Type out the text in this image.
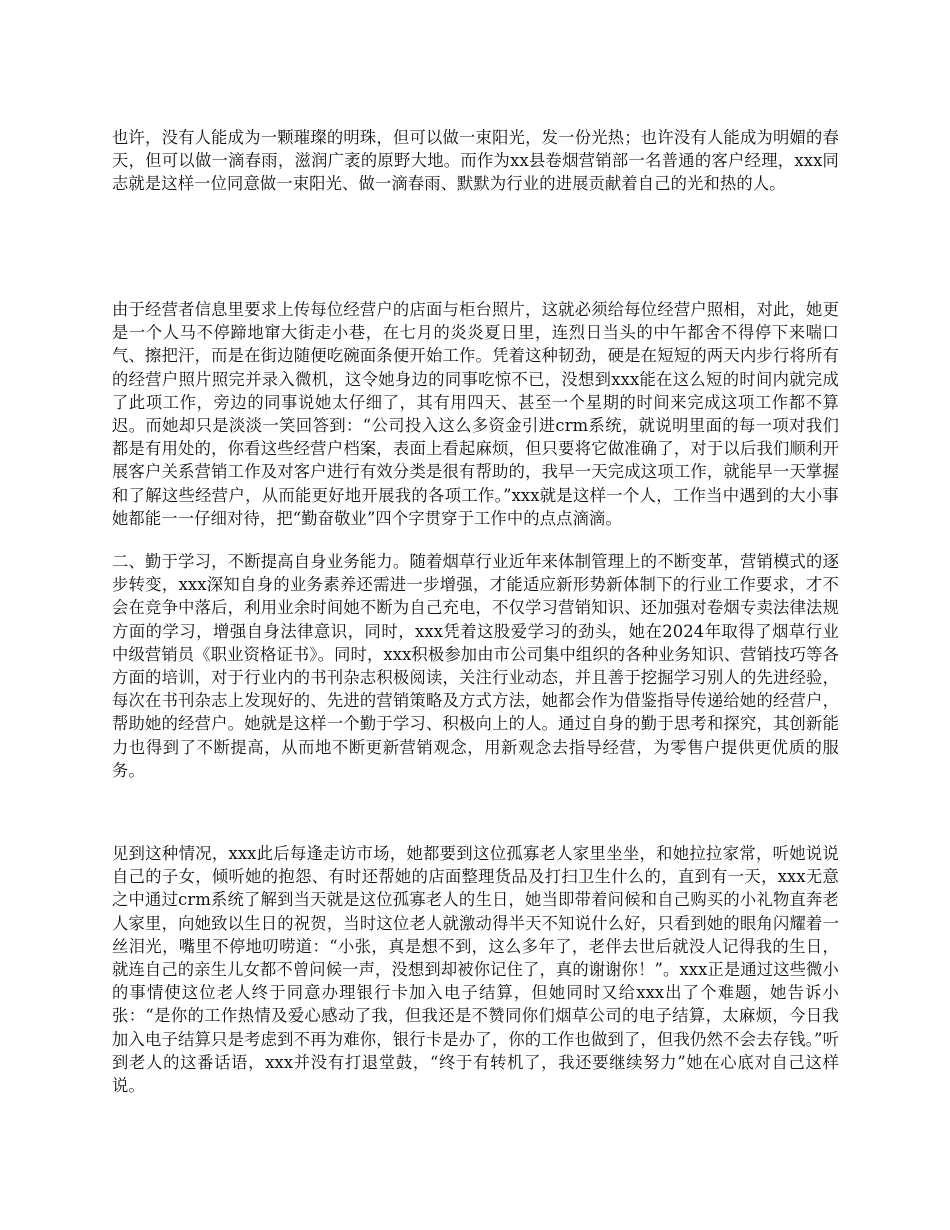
也许，没有人能成为一颗璀璨的明珠，但可以做一束阳光，发一份光热；也许没有人能成为明媚的春天，但可以做一滴春雨，滋润广袤的原野大地。而作为xx县卷烟营销部一名普通的客户经理，xxx同志就是这样一位同意做一束阳光、做一滴春雨、默默为行业的进展贡献着自己的光和热的人。

由于经营者信息里要求上传每位经营户的店面与柜台照片，这就必须给每位经营户照相，对此，她更是一个人马不停蹄地窜大街走小巷，在七月的炎炎夏日里，连烈日当头的中午都舍不得停下来喘口气、擦把汗，而是在街边随便吃碗面条便开始工作。凭着这种韧劲，硬是在短短的两天内步行将所有的经营户照片照完并录入微机，这令她身边的同事吃惊不已，没想到xxx能在这么短的时间内就完成了此项工作，旁边的同事说她太仔细了，其有用四天、甚至一个星期的时间来完成这项工作都不算迟。而她却只是淡淡一笑回答到：“公司投入这么多资金引进crm系统，就说明里面的每一项对我们都是有用处的，你看这些经营户档案，表面上看起麻烦，但只要将它做准确了，对于以后我们顺利开展客户关系营销工作及对客户进行有效分类是很有帮助的，我早一天完成这项工作，就能早一天掌握和了解这些经营户，从而能更好地开展我的各项工作。”xxx就是这样一个人，工作当中遇到的大小事她都能一一仔细对待，把“勤奋敬业”四个字贯穿于工作中的点点滴滴。

二、勤于学习，不断提高自身业务能力。随着烟草行业近年来体制管理上的不断变革，营销模式的逐步转变，xxx深知自身的业务素养还需进一步增强，才能适应新形势新体制下的行业工作要求，才不会在竞争中落后，利用业余时间她不断为自己充电，不仅学习营销知识、还加强对卷烟专卖法律法规方面的学习，增强自身法律意识，同时，xxx凭着这股爱学习的劲头，她在2024年取得了烟草行业中级营销员《职业资格证书》。同时，xxx积极参加由市公司集中组织的各种业务知识、营销技巧等各方面的培训，对于行业内的书刊杂志积极阅读，关注行业动态，并且善于挖掘学习别人的先进经验，每次在书刊杂志上发现好的、先进的营销策略及方式方法，她都会作为借鉴指导传递给她的经营户，帮助她的经营户。她就是这样一个勤于学习、积极向上的人。通过自身的勤于思考和探究，其创新能力也得到了不断提高，从而地不断更新营销观念，用新观念去指导经营，为零售户提供更优质的服务。

见到这种情况，xxx此后每逢走访市场，她都要到这位孤寡老人家里坐坐，和她拉拉家常，听她说说自己的子女，倾听她的抱怨、有时还帮她的店面整理货品及打扫卫生什么的，直到有一天，xxx无意之中通过crm系统了解到当天就是这位孤寡老人的生日，她当即带着问候和自己购买的小礼物直奔老人家里，向她致以生日的祝贺，当时这位老人就激动得半天不知说什么好，只看到她的眼角闪耀着一丝泪光，嘴里不停地叨唠道：“小张，真是想不到，这么多年了，老伴去世后就没人记得我的生日，就连自己的亲生儿女都不曾问候一声，没想到却被你记住了，真的谢谢你！”。xxx正是通过这些微小的事情使这位老人终于同意办理银行卡加入电子结算，但她同时又给xxx出了个难题，她告诉小张：“是你的工作热情及爱心感动了我，但我还是不赞同你们烟草公司的电子结算，太麻烦，今日我加入电子结算只是考虑到不再为难你，银行卡是办了，你的工作也做到了，但我仍然不会去存钱。”听到老人的这番话语，xxx并没有打退堂鼓，“终于有转机了，我还要继续努力”她在心底对自己这样说。
